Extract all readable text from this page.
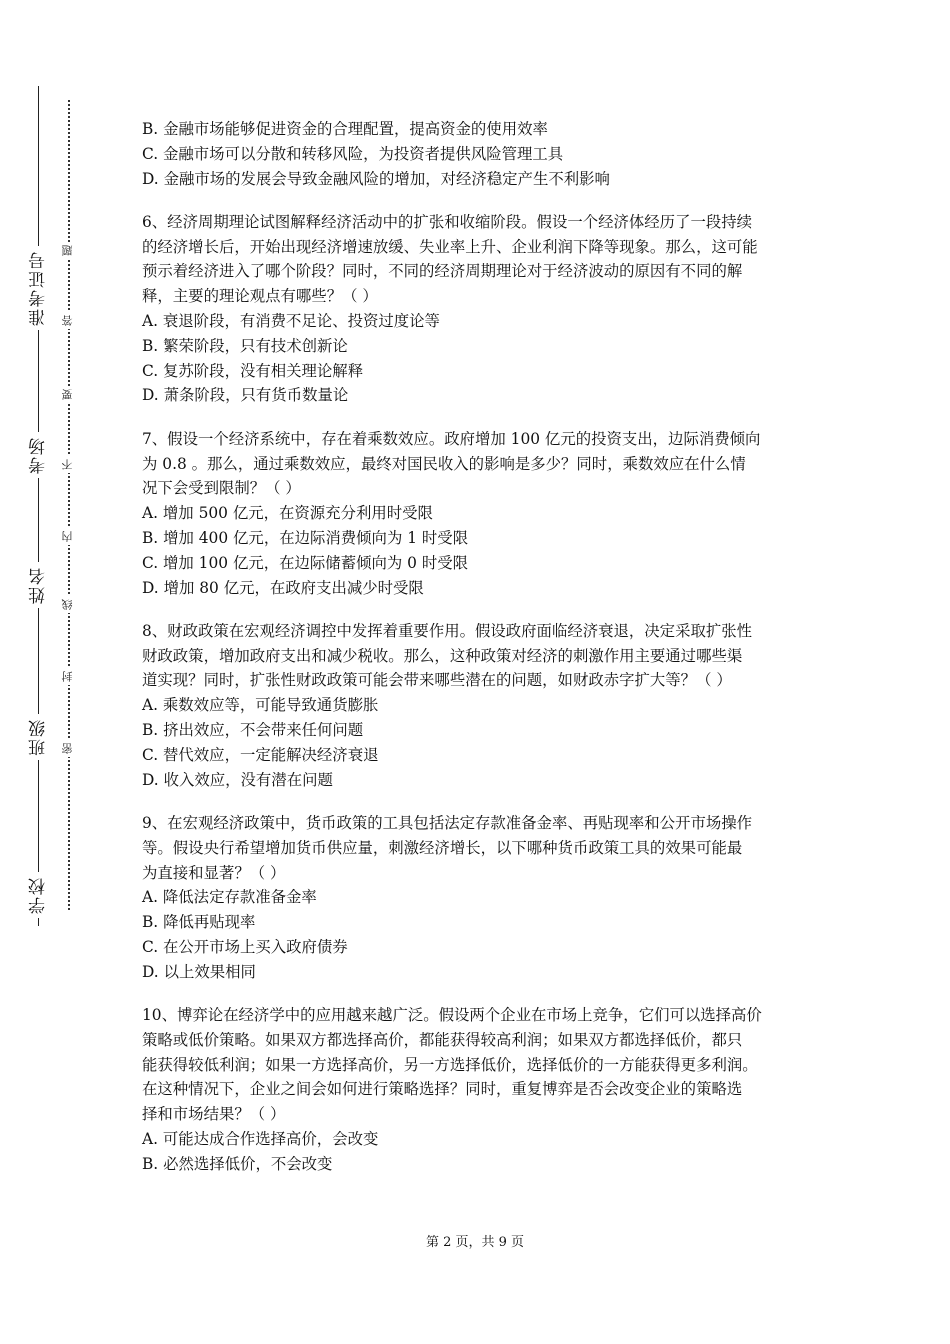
准考证号
考场
姓名
班级
学校
密
封
线
内
不
要
答
题
B. 金融市场能够促进资金的合理配置，提高资金的使用效率
C. 金融市场可以分散和转移风险，为投资者提供风险管理工具
D. 金融市场的发展会导致金融风险的增加，对经济稳定产生不利影响
6、经济周期理论试图解释经济活动中的扩张和收缩阶段。假设一个经济体经历了一段持续
的经济增长后，开始出现经济增速放缓、失业率上升、企业利润下降等现象。那么，这可能
预示着经济进入了哪个阶段？同时，不同的经济周期理论对于经济波动的原因有不同的解
释，主要的理论观点有哪些？（ ）
A. 衰退阶段，有消费不足论、投资过度论等
B. 繁荣阶段，只有技术创新论
C. 复苏阶段，没有相关理论解释
D. 萧条阶段，只有货币数量论
7、假设一个经济系统中，存在着乘数效应。政府增加 100 亿元的投资支出，边际消费倾向
为 0.8 。那么，通过乘数效应，最终对国民收入的影响是多少？同时，乘数效应在什么情
况下会受到限制？（ ）
A. 增加 500 亿元，在资源充分利用时受限
B. 增加 400 亿元，在边际消费倾向为 1 时受限
C. 增加 100 亿元，在边际储蓄倾向为 0 时受限
D. 增加 80 亿元，在政府支出减少时受限
8、财政政策在宏观经济调控中发挥着重要作用。假设政府面临经济衰退，决定采取扩张性
财政政策，增加政府支出和减少税收。那么，这种政策对经济的刺激作用主要通过哪些渠
道实现？同时，扩张性财政政策可能会带来哪些潜在的问题，如财政赤字扩大等？（ ）
A. 乘数效应等，可能导致通货膨胀
B. 挤出效应，不会带来任何问题
C. 替代效应，一定能解决经济衰退
D. 收入效应，没有潜在问题
9、在宏观经济政策中，货币政策的工具包括法定存款准备金率、再贴现率和公开市场操作
等。假设央行希望增加货币供应量，刺激经济增长，以下哪种货币政策工具的效果可能最
为直接和显著？（ ）
A. 降低法定存款准备金率
B. 降低再贴现率
C. 在公开市场上买入政府债券
D. 以上效果相同
10、博弈论在经济学中的应用越来越广泛。假设两个企业在市场上竞争，它们可以选择高价
策略或低价策略。如果双方都选择高价，都能获得较高利润；如果双方都选择低价，都只
能获得较低利润；如果一方选择高价，另一方选择低价，选择低价的一方能获得更多利润。
在这种情况下，企业之间会如何进行策略选择？同时，重复博弈是否会改变企业的策略选
择和市场结果？（ ）
A. 可能达成合作选择高价，会改变
B. 必然选择低价，不会改变
第 2 页，共 9 页
